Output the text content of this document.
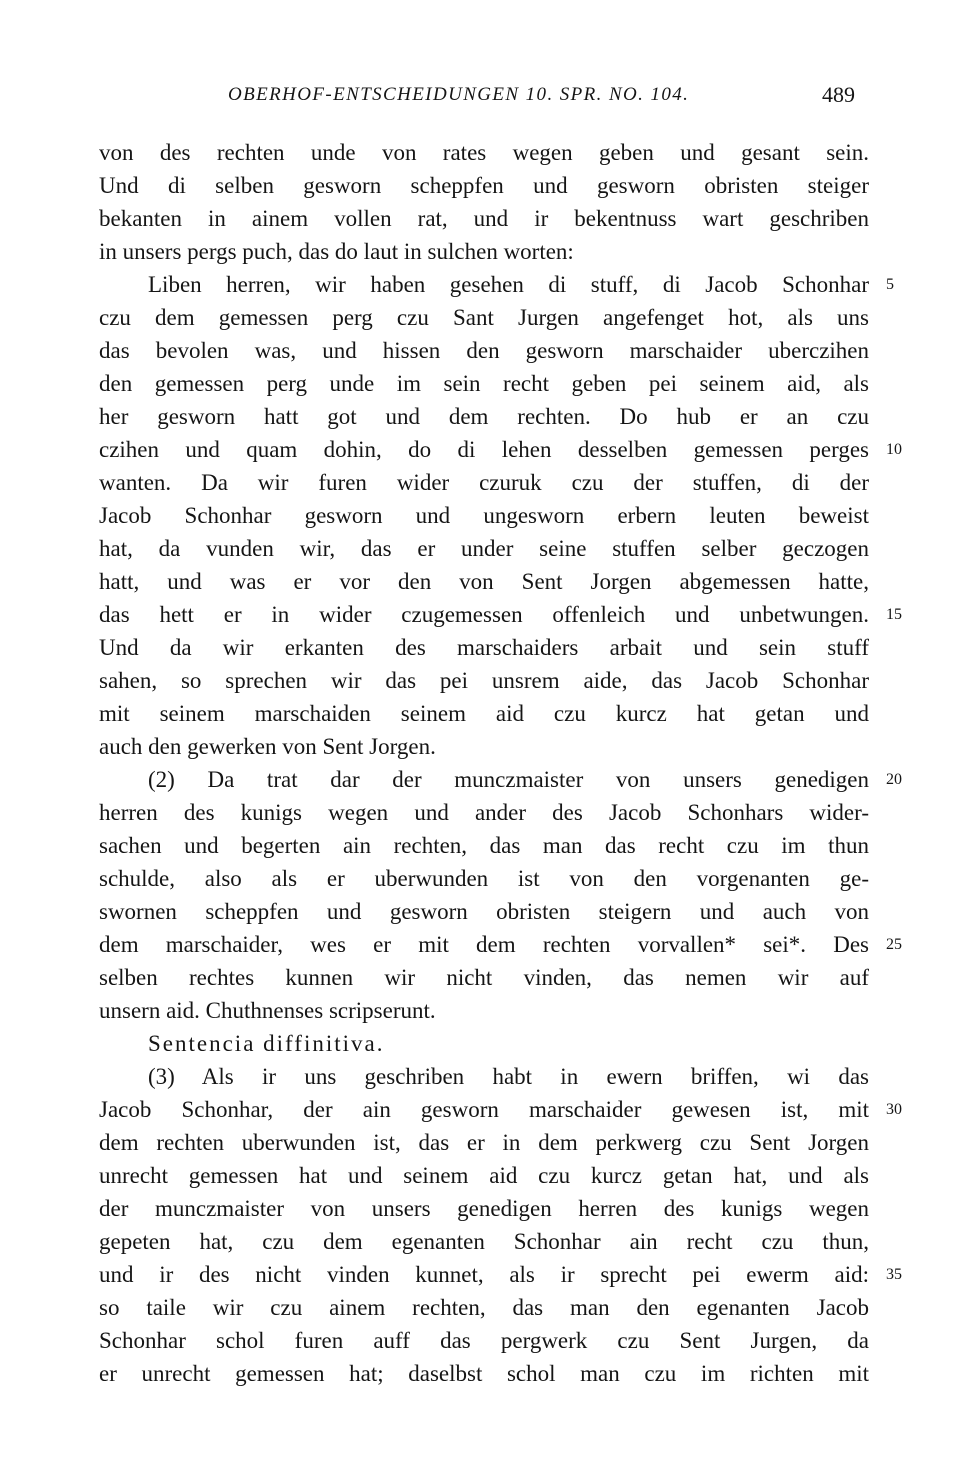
OBERHOF-ENTSCHEIDUNGEN 10. SPR. NO. 104.	489
von des rechten unde von rates wegen geben und gesant sein.
Und di selben gesworn scheppfen und gesworn obristen steiger
bekanten in ainem vollen rat, und ir bekentnuss wart geschriben
in unsers pergs puch, das do laut in sulchen worten:
Liben herren, wir haben gesehen di stuff, di Jacob Schonhar
czu dem gemessen perg czu Sant Jurgen angefenget hot, als uns
das bevolen was, und hissen den gesworn marschaider uberczihen
den gemessen perg unde im sein recht geben pei seinem aid, als
her gesworn hatt got und dem rechten. Do hub er an czu
czihen und quam dohin, do di lehen desselben gemessen perges
wanten. Da wir furen wider czuruk czu der stuffen, di der
Jacob Schonhar gesworn und ungesworn erbern leuten beweist
hat, da vunden wir, das er under seine stuffen selber geczogen
hatt, und was er vor den von Sent Jorgen abgemessen hatte,
das hett er in wider czugemessen offenleich und unbetwungen.
Und da wir erkanten des marschaiders arbait und sein stuff
sahen, so sprechen wir das pei unsrem aide, das Jacob Schonhar
mit seinem marschaiden seinem aid czu kurcz hat getan und
auch den gewerken von Sent Jorgen.
(2) Da trat dar der munczmaister von unsers genedigen
herren des kunigs wegen und ander des Jacob Schonhars wider-
sachen und begerten ain rechten, das man das recht czu im thun
schulde, also als er uberwunden ist von den vorgenanten ge-
swornen scheppfen und gesworn obristen steigern und auch von
dem marschaider, wes er mit dem rechten vorvallen* sei*. Des
selben rechtes kunnen wir nicht vinden, das nemen wir auf
unsern aid. Chuthnenses scripserunt.
Sentencia diffinitiva.
(3) Als ir uns geschriben habt in ewern briffen, wi das
Jacob Schonhar, der ain gesworn marschaider gewesen ist, mit
dem rechten uberwunden ist, das er in dem perkwerg czu Sent Jorgen
unrecht gemessen hat und seinem aid czu kurcz getan hat, und als
der munczmaister von unsers genedigen herren des kunigs wegen
gepeten hat, czu dem egenanten Schonhar ain recht czu thun,
und ir des nicht vinden kunnet, als ir sprecht pei ewerm aid:
so taile wir czu ainem rechten, das man den egenanten Jacob
Schonhar schol furen auff das pergwerk czu Sent Jurgen, da
er unrecht gemessen hat; daselbst schol man czu im richten mit
5
10
15
20
25
30
35
